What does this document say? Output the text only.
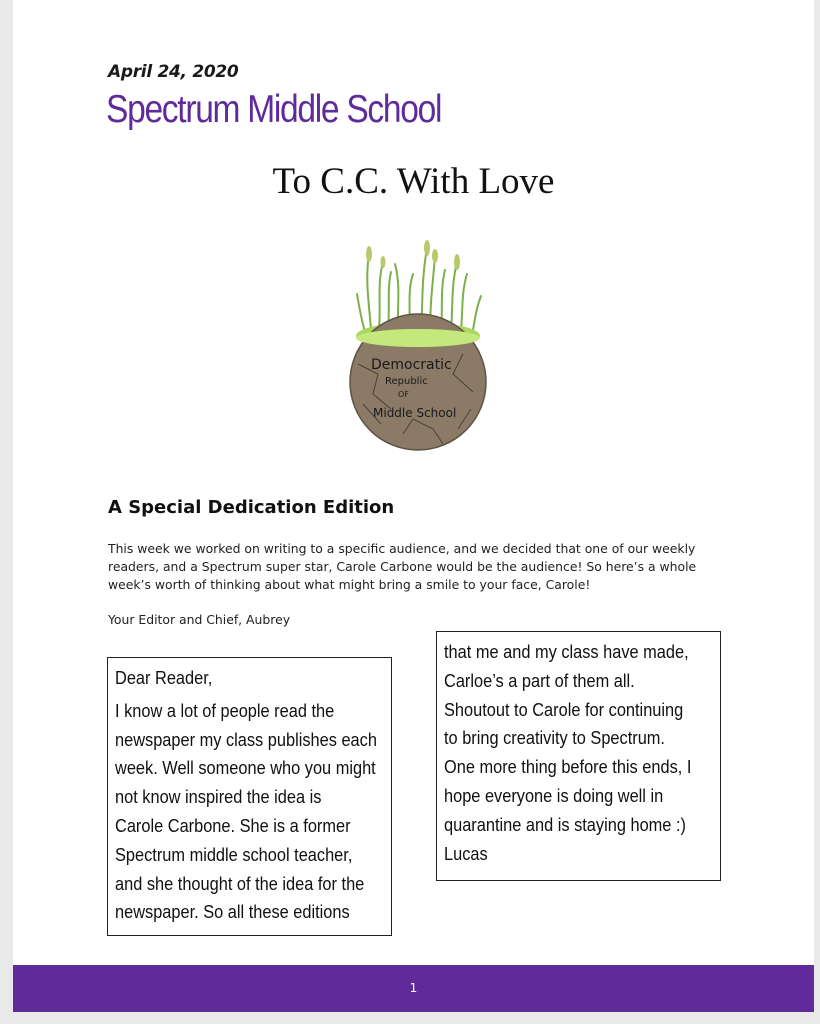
April 24, 2020
Spectrum Middle School
To C.C. With Love
Democratic
Republic
OF
Middle School
A Special Dedication Edition
This week we worked on writing to a specific audience, and we decided that one of our weekly readers, and a Spectrum super star, Carole Carbone would be the audience! So here’s a whole week’s worth of thinking about what might bring a smile to your face, Carole!
Your Editor and Chief, Aubrey
Dear Reader,
I know a lot of people read the
newspaper my class publishes each
week. Well someone who you might
not know inspired the idea is
Carole Carbone. She is a former
Spectrum middle school teacher,
and she thought of the idea for the
newspaper. So all these editions
that me and my class have made,
Carloe’s a part of them all.
Shoutout to Carole for continuing
to bring creativity to Spectrum.
One more thing before this ends, I
hope everyone is doing well in
quarantine and is staying home :)
Lucas
1
